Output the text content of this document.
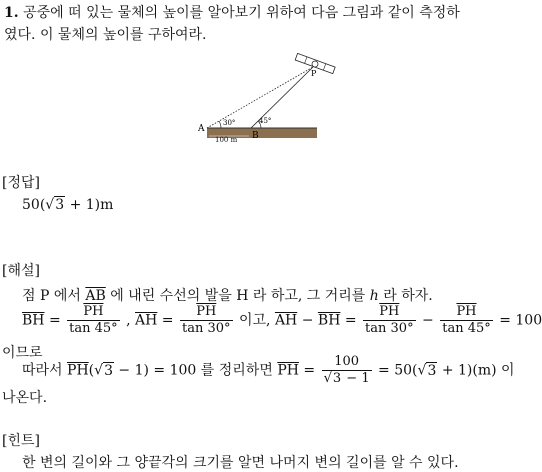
1. 공중에 떠 있는 물체의 높이를 알아보기 위하여 다음 그림과 같이 측정하
였다. 이 물체의 높이를 구하여라.
A
B
P
30°	45°
100 m
[정답]
50(√3 + 1)m
[해설]
점 P 에서 $\overline{AB}$ 에 내린 수선의 발을 H 라 하고, 그 거리를 h 라 하자.
$\overline{BH} = \frac{\overline{PH}}{\tan 45^\circ}$ , $\overline{AH} = \frac{\overline{PH}}{\tan 30^\circ}$ 이고, $\overline{AH} - \overline{BH} = \frac{\overline{PH}}{\tan 30^\circ} - \frac{\overline{PH}}{\tan 45^\circ} = 100$
이므로
따라서 $\overline{PH}(√3 - 1) = 100$ 를 정리하면 $\overline{PH} = \frac{100}{√3 - 1} = 50(√3 + 1)(m)$ 이
나온다.
[힌트]
한 변의 길이와 그 양끝각의 크기를 알면 나머지 변의 길이를 알 수 있다.
